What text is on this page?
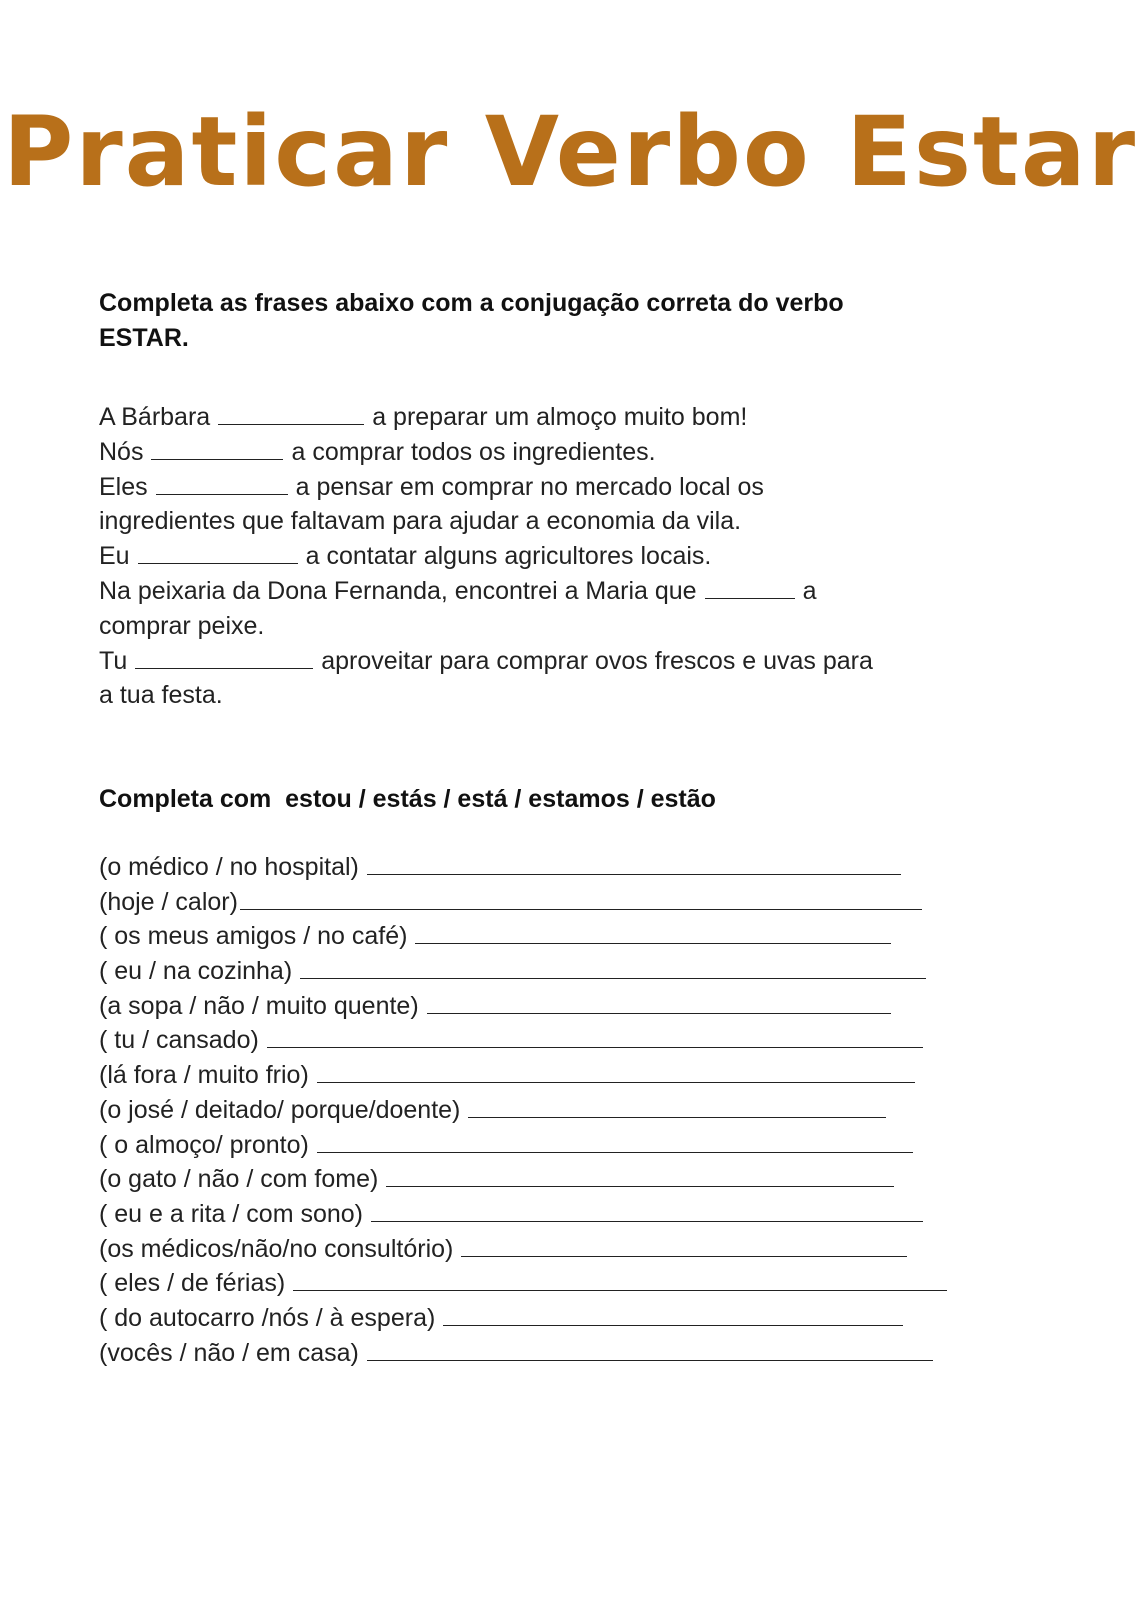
Praticar Verbo Estar

Completa as frases abaixo com a conjugação correta do verbo

ESTAR.

A Bárbara	a preparar um almoço muito bom!
Nós	a comprar todos os ingredientes.
Eles	a pensar em comprar no mercado local os
ingredientes que faltavam para ajudar a economia da vila.
Eu	a contatar alguns agricultores locais.
Na peixaria da Dona Fernanda, encontrei a Maria que	a
comprar peixe.
Tu	aproveitar para comprar ovos frescos e uvas para
a tua festa.

Completa com  estou / estás / está / estamos / estão

(o médico / no hospital)
(hoje / calor)
( os meus amigos / no café)
( eu / na cozinha)
(a sopa / não / muito quente)
( tu / cansado)
(lá fora / muito frio)
(o josé / deitado/ porque/doente)
( o almoço/ pronto)
(o gato / não / com fome)
( eu e a rita / com sono)
(os médicos/não/no consultório)
( eles / de férias)
( do autocarro /nós / à espera)
(vocês / não / em casa)
